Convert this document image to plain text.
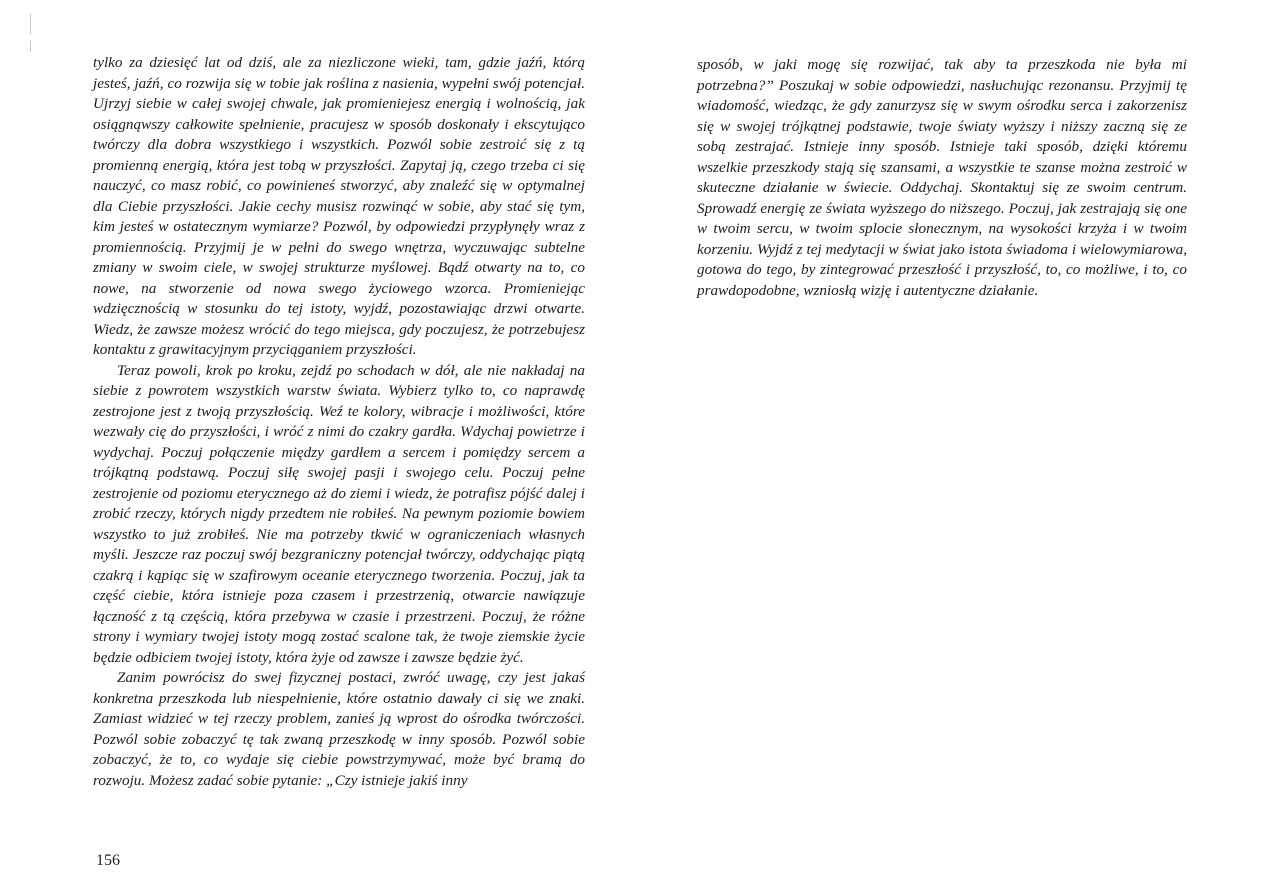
tylko za dziesięć lat od dziś, ale za niezliczone wieki, tam, gdzie jaźń, którą jesteś, jaźń, co rozwija się w tobie jak roślina z nasienia, wypełni swój potencjał. Ujrzyj siebie w całej swojej chwale, jak promieniejesz energią i wolnością, jak osiągnąwszy całkowite spełnienie, pracujesz w sposób doskonały i ekscytująco twórczy dla dobra wszystkiego i wszystkich. Pozwól sobie zestroić się z tą promienną energią, która jest tobą w przyszłości. Zapytaj ją, czego trzeba ci się nauczyć, co masz robić, co powinieneś stworzyć, aby znaleźć się w optymalnej dla Ciebie przyszłości. Jakie cechy musisz rozwinąć w sobie, aby stać się tym, kim jesteś w ostatecznym wymiarze? Pozwól, by odpowiedzi przypłynęły wraz z promiennością. Przyjmij je w pełni do swego wnętrza, wyczuwając subtelne zmiany w swoim ciele, w swojej strukturze myślowej. Bądź otwarty na to, co nowe, na stworzenie od nowa swego życiowego wzorca. Promieniejąc wdzięcznością w stosunku do tej istoty, wyjdź, pozostawiając drzwi otwarte. Wiedz, że zawsze możesz wrócić do tego miejsca, gdy poczujesz, że potrzebujesz kontaktu z grawitacyjnym przyciąganiem przyszłości.

Teraz powoli, krok po kroku, zejdź po schodach w dół, ale nie nakładaj na siebie z powrotem wszystkich warstw świata. Wybierz tylko to, co naprawdę zestrojone jest z twoją przyszłością. Weź te kolory, wibracje i możliwości, które wezwały cię do przyszłości, i wróć z nimi do czakry gardła. Wdychaj powietrze i wydychaj. Poczuj połączenie między gardłem a sercem i pomiędzy sercem a trójkątną podstawą. Poczuj siłę swojej pasji i swojego celu. Poczuj pełne zestrojenie od poziomu eterycznego aż do ziemi i wiedz, że potrafisz pójść dalej i zrobić rzeczy, których nigdy przedtem nie robiłeś. Na pewnym poziomie bowiem wszystko to już zrobiłeś. Nie ma potrzeby tkwić w ograniczeniach własnych myśli. Jeszcze raz poczuj swój bezgraniczny potencjał twórczy, oddychając piątą czakrą i kąpiąc się w szafirowym oceanie eterycznego tworzenia. Poczuj, jak ta część ciebie, która istnieje poza czasem i przestrzenią, otwarcie nawiązuje łączność z tą częścią, która przebywa w czasie i przestrzeni. Poczuj, że różne strony i wymiary twojej istoty mogą zostać scalone tak, że twoje ziemskie życie będzie odbiciem twojej istoty, która żyje od zawsze i zawsze będzie żyć.

Zanim powrócisz do swej fizycznej postaci, zwróć uwagę, czy jest jakaś konkretna przeszkoda lub niespełnienie, które ostatnio dawały ci się we znaki. Zamiast widzieć w tej rzeczy problem, zanieś ją wprost do ośrodka twórczości. Pozwól sobie zobaczyć tę tak zwaną przeszkodę w inny sposób. Pozwól sobie zobaczyć, że to, co wydaje się ciebie powstrzymywać, może być bramą do rozwoju. Możesz zadać sobie pytanie: „Czy istnieje jakiś inny

156

sposób, w jaki mogę się rozwijać, tak aby ta przeszkoda nie była mi potrzebna?” Poszukaj w sobie odpowiedzi, nasłuchując rezonansu. Przyjmij tę wiadomość, wiedząc, że gdy zanurzysz się w swym ośrodku serca i zakorzenisz się w swojej trójkątnej podstawie, twoje światy wyższy i niższy zaczną się ze sobą zestrajać. Istnieje inny sposób. Istnieje taki sposób, dzięki któremu wszelkie przeszkody stają się szansami, a wszystkie te szanse można zestroić w skuteczne działanie w świecie. Oddychaj. Skontaktuj się ze swoim centrum. Sprowadź energię ze świata wyższego do niższego. Poczuj, jak zestrajają się one w twoim sercu, w twoim splocie słonecznym, na wysokości krzyża i w twoim korzeniu. Wyjdź z tej medytacji w świat jako istota świadoma i wielowymiarowa, gotowa do tego, by zintegrować przeszłość i przyszłość, to, co możliwe, i to, co prawdopodobne, wzniosłą wizję i autentyczne działanie.
